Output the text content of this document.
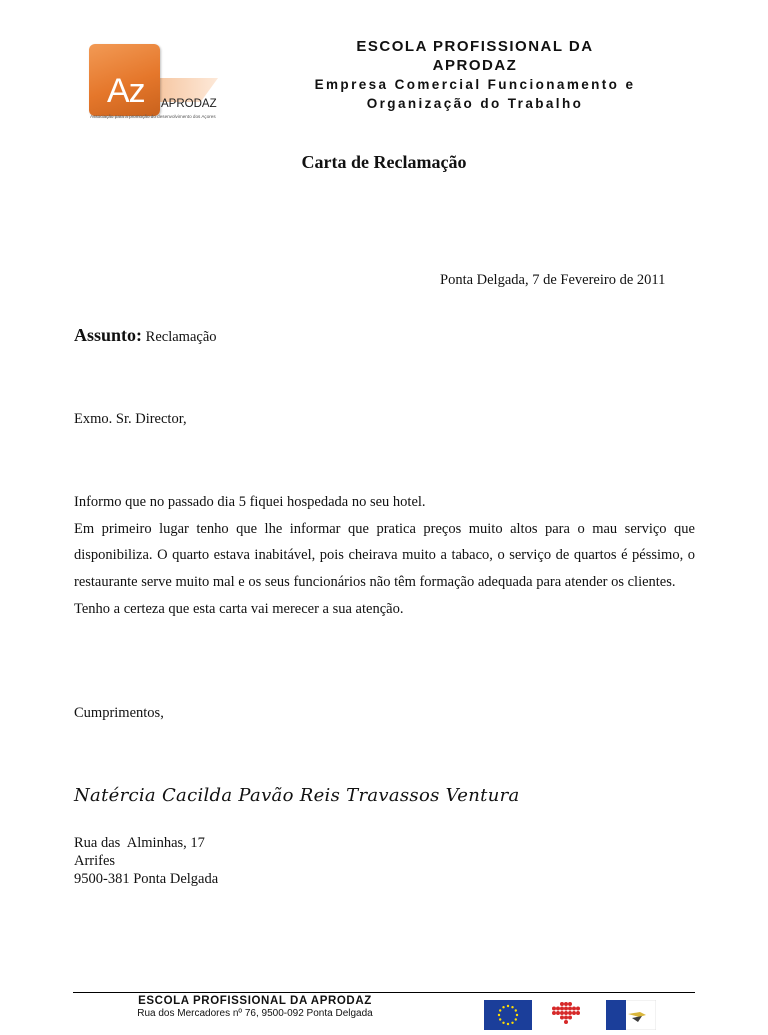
Az APRODAZ
Associação para a promoção do desenvolvimento dos Açores
ESCOLA PROFISSIONAL DA
APRODAZ
Empresa Comercial Funcionamento e
Organização do Trabalho
Carta de Reclamação
Ponta Delgada, 7 de Fevereiro de 2011
Assunto: Reclamação
Exmo. Sr. Director,

Informo que no passado dia 5 fiquei hospedada no seu hotel.

Em primeiro lugar tenho que lhe informar que pratica preços muito altos para o mau serviço que disponibiliza. O quarto estava inabitável, pois cheirava muito a tabaco, o serviço de quartos é péssimo, o restaurante serve muito mal e os seus funcionários não têm formação adequada para atender os clientes.

Tenho a certeza que esta carta vai merecer a sua atenção.

Cumprimentos,
Natércia Cacilda Pavão Reis Travassos Ventura
Rua das  Alminhas, 17
Arrifes
9500-381 Ponta Delgada
ESCOLA PROFISSIONAL DA APRODAZ
Rua dos Mercadores nº 76, 9500-092 Ponta Delgada
